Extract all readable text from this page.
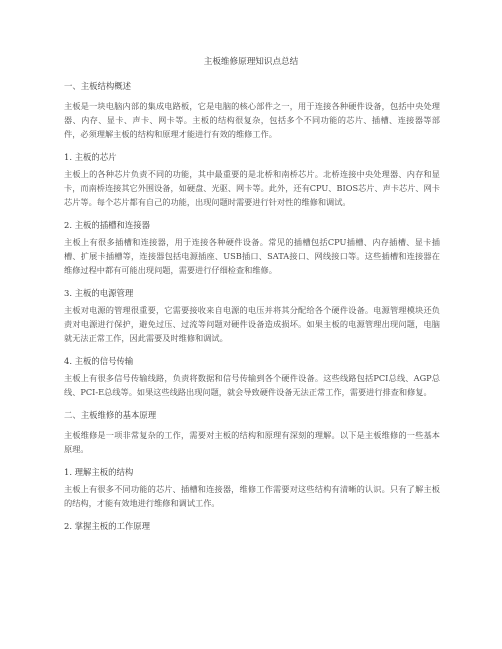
主板维修原理知识点总结
一、主板结构概述
主板是一块电脑内部的集成电路板，它是电脑的核心部件之一，用于连接各种硬件设备，包括中央处理器、内存、显卡、声卡、网卡等。主板的结构很复杂，包括多个不同功能的芯片、插槽、连接器等部件，必须理解主板的结构和原理才能进行有效的维修工作。
1. 主板的芯片
主板上的各种芯片负责不同的功能，其中最重要的是北桥和南桥芯片。北桥连接中央处理器、内存和显卡，而南桥连接其它外围设备，如硬盘、光驱、网卡等。此外，还有CPU、BIOS芯片、声卡芯片、网卡芯片等。每个芯片都有自己的功能，出现问题时需要进行针对性的维修和调试。
2. 主板的插槽和连接器
主板上有很多插槽和连接器，用于连接各种硬件设备。常见的插槽包括CPU插槽、内存插槽、显卡插槽、扩展卡插槽等，连接器包括电源插座、USB插口、SATA接口、网线接口等。这些插槽和连接器在维修过程中都有可能出现问题，需要进行仔细检查和维修。
3. 主板的电源管理
主板对电源的管理很重要，它需要接收来自电源的电压并将其分配给各个硬件设备。电源管理模块还负责对电源进行保护，避免过压、过流等问题对硬件设备造成损坏。如果主板的电源管理出现问题，电脑就无法正常工作，因此需要及时维修和调试。
4. 主板的信号传输
主板上有很多信号传输线路，负责将数据和信号传输到各个硬件设备。这些线路包括PCI总线、AGP总线、PCI-E总线等。如果这些线路出现问题，就会导致硬件设备无法正常工作，需要进行排查和修复。
二、主板维修的基本原理
主板维修是一项非常复杂的工作，需要对主板的结构和原理有深刻的理解。以下是主板维修的一些基本原理。
1. 理解主板的结构
主板上有很多不同功能的芯片、插槽和连接器，维修工作需要对这些结构有清晰的认识。只有了解主板的结构，才能有效地进行维修和调试工作。
2. 掌握主板的工作原理
